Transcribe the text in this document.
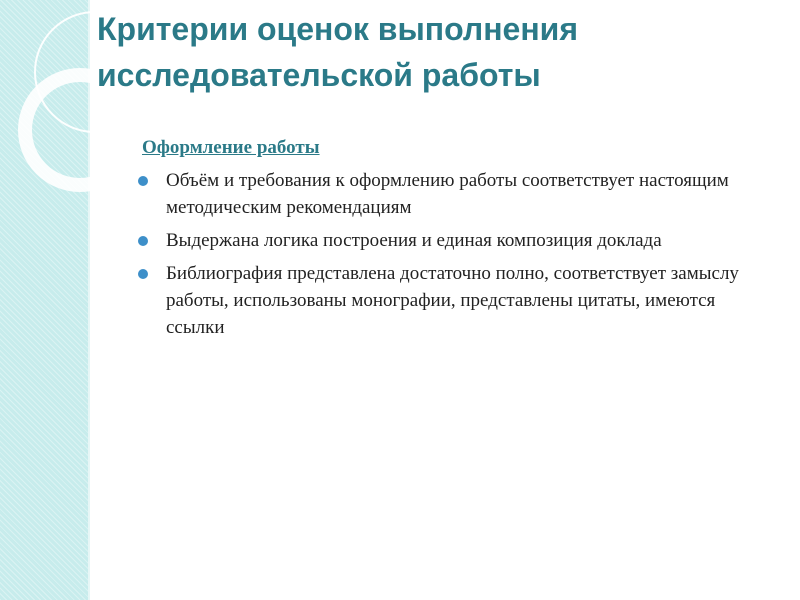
Критерии оценок выполнения исследовательской работы
Оформление работы
Объём и требования к оформлению работы соответствует настоящим методическим рекомендациям
Выдержана логика построения и единая композиция доклада
Библиография представлена достаточно полно, соответствует замыслу работы, использованы монографии, представлены цитаты, имеются ссылки
